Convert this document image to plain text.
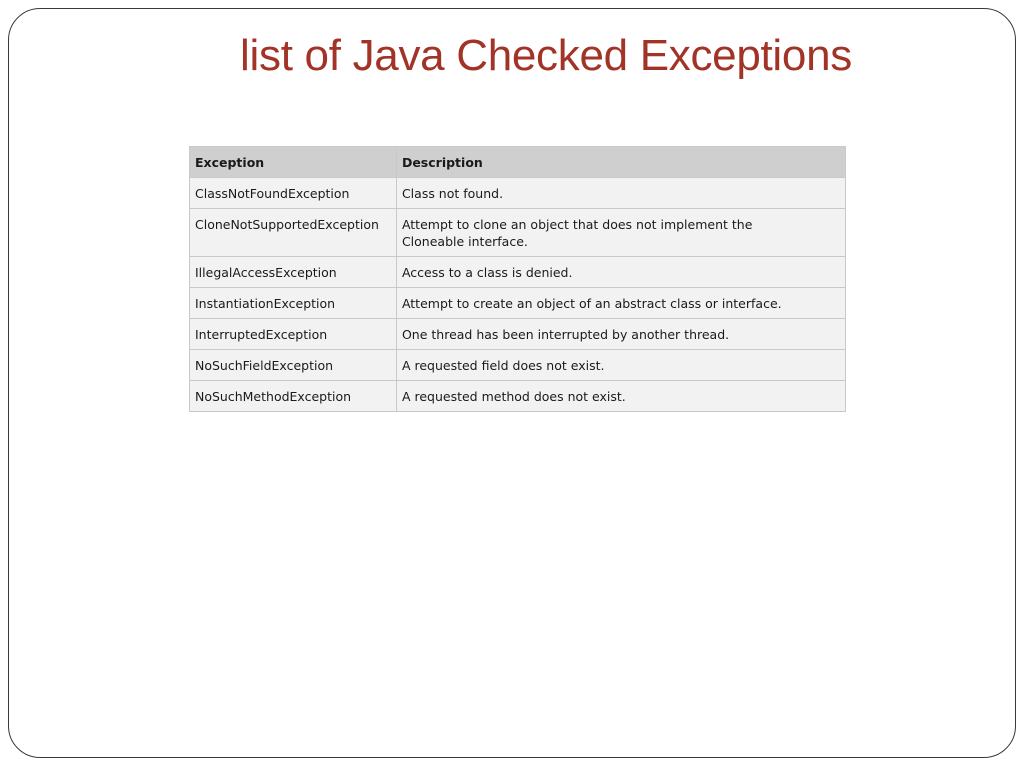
list of Java Checked Exceptions
Exception	Description
ClassNotFoundException	Class not found.
CloneNotSupportedException	Attempt to clone an object that does not implement the Cloneable interface.
IllegalAccessException	Access to a class is denied.
InstantiationException	Attempt to create an object of an abstract class or interface.
InterruptedException	One thread has been interrupted by another thread.
NoSuchFieldException	A requested field does not exist.
NoSuchMethodException	A requested method does not exist.
